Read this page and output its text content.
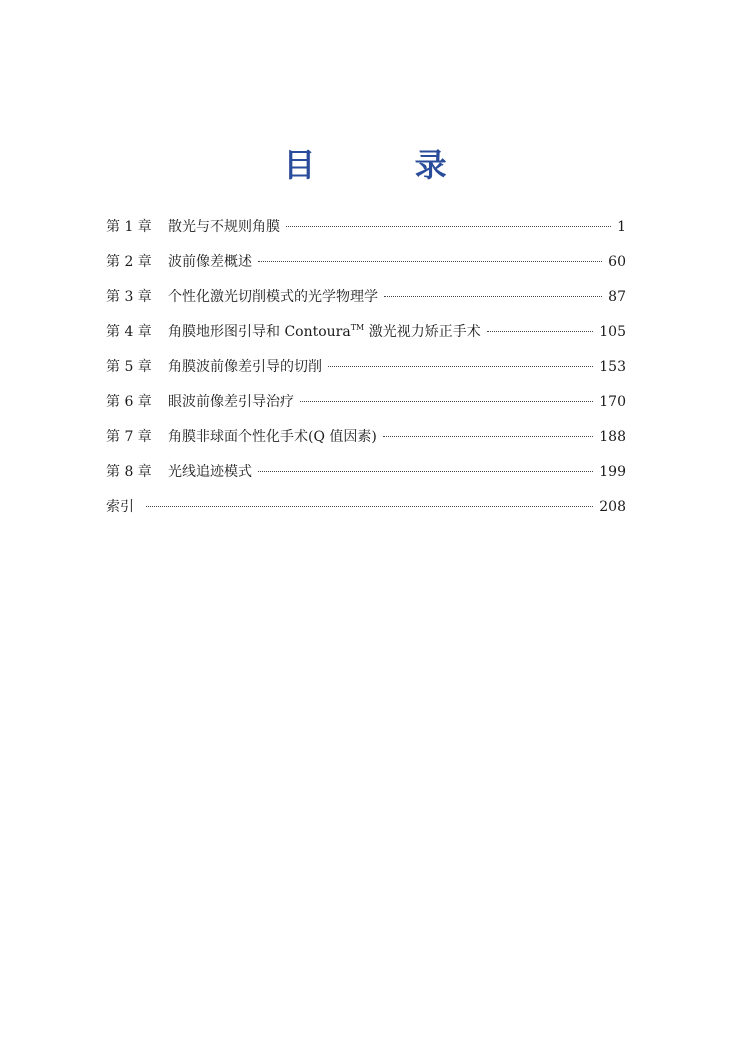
目 录
第 1 章	散光与不规则角膜	1
第 2 章	波前像差概述	60
第 3 章	个性化激光切削模式的光学物理学	87
第 4 章	角膜地形图引导和 Contoura™ 激光视力矫正手术	105
第 5 章	角膜波前像差引导的切削	153
第 6 章	眼波前像差引导治疗	170
第 7 章	角膜非球面个性化手术(Q 值因素)	188
第 8 章	光线追迹模式	199
索引	208
